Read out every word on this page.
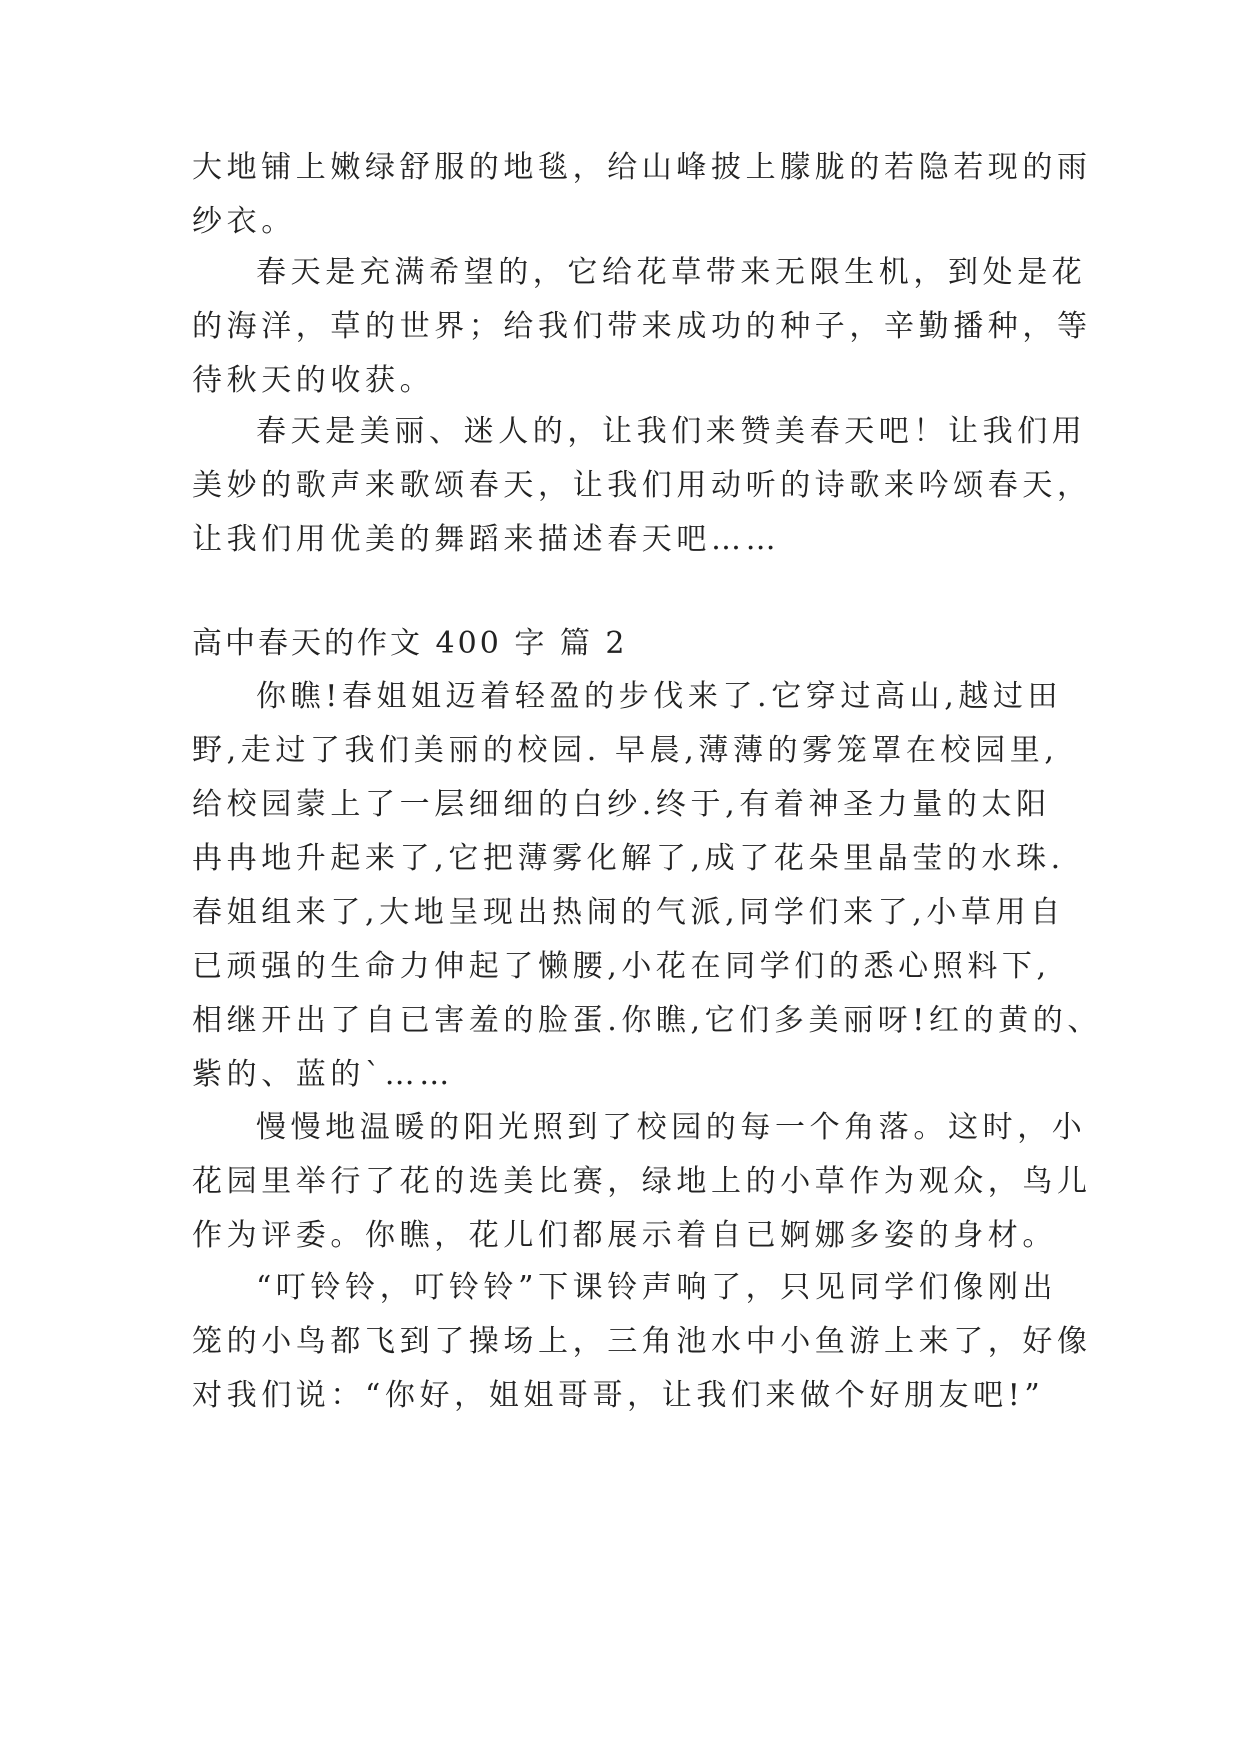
大地铺上嫩绿舒服的地毯，给山峰披上朦胧的若隐若现的雨

纱衣。

春天是充满希望的，它给花草带来无限生机，到处是花

的海洋，草的世界；给我们带来成功的种子，辛勤播种，等

待秋天的收获。

春天是美丽、迷人的，让我们来赞美春天吧！让我们用

美妙的歌声来歌颂春天，让我们用动听的诗歌来吟颂春天，

让我们用优美的舞蹈来描述春天吧……

高中春天的作文 400 字 篇 2

你瞧!春姐姐迈着轻盈的步伐来了.它穿过高山,越过田

野,走过了我们美丽的校园. 早晨,薄薄的雾笼罩在校园里,

给校园蒙上了一层细细的白纱.终于,有着神圣力量的太阳

冉冉地升起来了,它把薄雾化解了,成了花朵里晶莹的水珠.

春姐组来了,大地呈现出热闹的气派,同学们来了,小草用自

已顽强的生命力伸起了懒腰,小花在同学们的悉心照料下,

相继开出了自已害羞的脸蛋.你瞧,它们多美丽呀!红的黄的、

紫的、蓝的`……

慢慢地温暖的阳光照到了校园的每一个角落。这时，小

花园里举行了花的选美比赛，绿地上的小草作为观众，鸟儿

作为评委。你瞧，花儿们都展示着自已婀娜多姿的身材。

“叮铃铃，叮铃铃”下课铃声响了，只见同学们像刚出

笼的小鸟都飞到了操场上，三角池水中小鱼游上来了，好像

对我们说：“你好，姐姐哥哥，让我们来做个好朋友吧!”
